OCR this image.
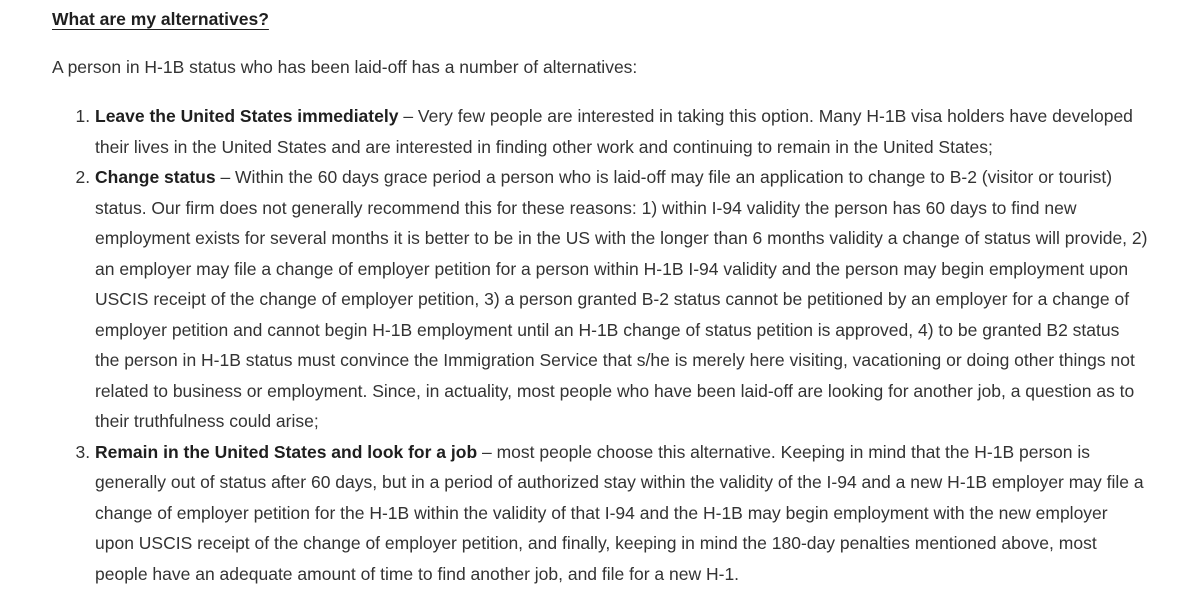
What are my alternatives?

A person in H-1B status who has been laid-off has a number of alternatives:

1. Leave the United States immediately – Very few people are interested in taking this option. Many H-1B visa holders have developed their lives in the United States and are interested in finding other work and continuing to remain in the United States;
2. Change status – Within the 60 days grace period a person who is laid-off may file an application to change to B-2 (visitor or tourist) status. Our firm does not generally recommend this for these reasons: 1) within I-94 validity the person has 60 days to find new employment exists for several months it is better to be in the US with the longer than 6 months validity a change of status will provide, 2) an employer may file a change of employer petition for a person within H-1B I-94 validity and the person may begin employment upon USCIS receipt of the change of employer petition, 3) a person granted B-2 status cannot be petitioned by an employer for a change of employer petition and cannot begin H-1B employment until an H-1B change of status petition is approved, 4) to be granted B2 status the person in H-1B status must convince the Immigration Service that s/he is merely here visiting, vacationing or doing other things not related to business or employment. Since, in actuality, most people who have been laid-off are looking for another job, a question as to their truthfulness could arise;
3. Remain in the United States and look for a job – most people choose this alternative. Keeping in mind that the H-1B person is generally out of status after 60 days, but in a period of authorized stay within the validity of the I-94 and a new H-1B employer may file a change of employer petition for the H-1B within the validity of that I-94 and the H-1B may begin employment with the new employer upon USCIS receipt of the change of employer petition, and finally, keeping in mind the 180-day penalties mentioned above, most people have an adequate amount of time to find another job, and file for a new H-1.
